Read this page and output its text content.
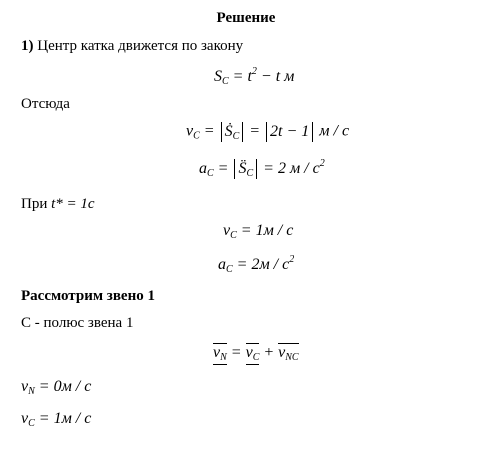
Решение
1) Центр катка движется по закону
$S_C = t^2 - t$ м
Отсюда
$v_C$ = Ṡ$_C$ = 2t − 1 м / с
$a_C$ = $S̈_C = 2$ м / $с^2$
При t* = 1с
$v_C = 1м / с$
$a_C = 2м / с^2$
Рассмотрим звено 1
С - полюс звена 1
$v_N = v_C + v_{NC}$
$v_N = 0м / с$
$v_C = 1м / с$
